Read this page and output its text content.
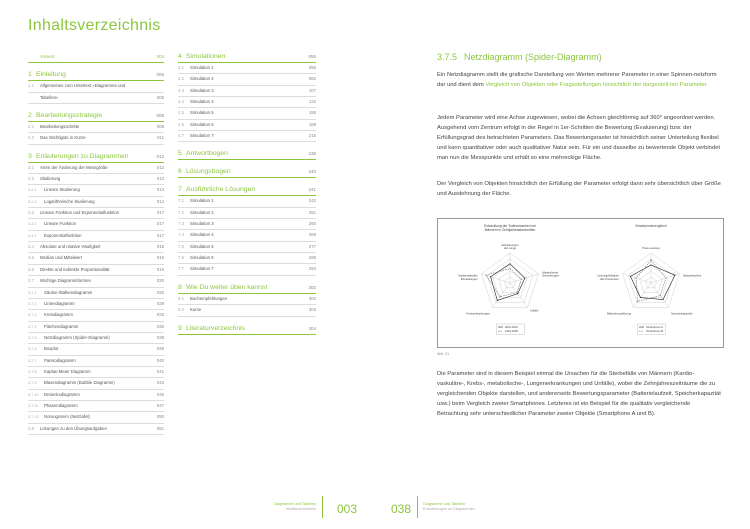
Inhaltsverzeichnis
Vorwort	004
1 Einleitung	005
1.1	Allgemeines zum Unterlest »Diagramme und
Tabellen«	005
2 Bearbeitungsstrategie	008
2.1	Bearbeitungsschritte	008
2.2	Das Wichtigste in Kürze	011
3 Erläuterungen zu Diagrammen	012
3.1	Arten der Änderung der Messgröße	012
3.2	Skalierung	013
3.2.1	Lineare Skalierung	013
3.2.2	Logarithmische Skalierung	014
3.3	Lineare Funktion und Exponentialfunktion	017
3.3.1	Lineare Funktion	017
3.3.2	Exponentialfunktion	017
3.4	Absolute und relative Häufigkeit	018
3.5	Median und Mittelwert	018
3.6	Direkte und indirekte Proportionalität	019
3.7	Wichtige Diagrammformen	020
3.7.1	Säulen-/Balkendiagramm	020
3.7.2	Liniendiagramm	029
3.7.3	Kreisdiagramm	033
3.7.4	Flächendiagramm	036
3.7.5	Netzdiagramm (Spider-Diagramm)	038
3.7.6	Boxplot	039
3.7.7	Paretodiagramm	040
3.7.8	Kaplan-Meier Diagramm	041
3.7.9	Blasendiagramm (Bubble Diagramm)	043
3.7.10	Dreiecksdiagramm	045
3.7.11	Phasendiagramm	047
3.7.12	Nomogramm (Netztafel)	050
3.8	Lösungen zu den Übungsaufgaben	051
4 Simulationen	055
4.1	Simulation 1	056
4.2	Simulation 2	082
4.3	Simulation 3	107
4.4	Simulation 4	132
4.5	Simulation 5	158
4.6	Simulation 6	188
4.7	Simulation 7	215
5 Antwortbogen	239
6 Lösungsbogen	240
7 Ausführliche Lösungen	241
7.1	Simulation 1	242
7.2	Simulation 2	251
7.3	Simulation 3	260
7.4	Simulation 4	269
7.5	Simulation 5	277
7.6	Simulation 6	285
7.7	Simulation 7	294
8 Wie Du weiter üben kannst	302
8.1	Buchempfehlungen	302
8.2	Kurse	303
9 Literaturverzeichnis	304
Diagramme und Tabellen
Inhaltsverzeichnis 003
3.7.5 Netzdiagramm (Spider-Diagramm)

Ein Netzdiagramm stellt die grafische Darstellung von Werten mehrerer Parameter in einer Spinnen-netzform dar und dient dem Vergleich von Objekten oder Fragestellungen hinsichtlich der dargestell-ten Parameter.

Jedem Parameter wird eine Achse zugewiesen, wobei die Achsen gleichförmig auf 360° angeordnet werden. Ausgehend vom Zentrum erfolgt in der Regel in 1er-Schritten die Bewertung (Evaluierung) bzw. der Erfüllungsgrad des betrachteten Parameters. Das Bewertungsraster ist hinsichtlich seiner Unterteilung flexibel und kann quantitativer oder auch qualitativer Natur sein. Für ein und dasselbe zu bewertende Objekt verbindet man nun die Messpunkte und erhält so eine mehreckige Fläche.

Der Vergleich von Objekten hinsichtlich der Erfüllung der Parameter erfolgt dann sehr übersichtlich über Größe und Ausdehnung der Fläche.

Entwicklung der Todesursachen bei Männern in Zehnjahresabschnitten
Erkrankungen der Lunge
Metabolische Erkrankungen
Unfälle
Krebserkrankungen
Kardiovaskuläre Erkrankungen
2001-2010
1991-2000
Smartphonevergleich
Preis-Leistung
Batterielaufzeit
Speicherkapazität
Bildschirmauflösung
Leistungsfähigkeit des Prozessors
Smartphone A
Smartphone B
Abb. 21

Die Parameter sind in diesem Beispiel einmal die Ursachen für die Sterbefälle von Männern (Kardio-vaskuläre-, Krebs-, metabolische-, Lungenerkrankungen und Unfälle), wobei die Zehnjahreszeiträume die zu vergleichenden Objekte darstellen, und andererseits Bewertungsparameter (Batterielaufzeit, Speicherkapazität usw.) beim Vergleich zweier Smartphones. Letzteres ist ein Beispiel für die qualitativ vergleichende Betrachtung sehr unterschiedlicher Parameter zweier Objekte (Smartphone A und B).

038	Diagramme und Tabellen
Erläuterungen zu Diagrammen
